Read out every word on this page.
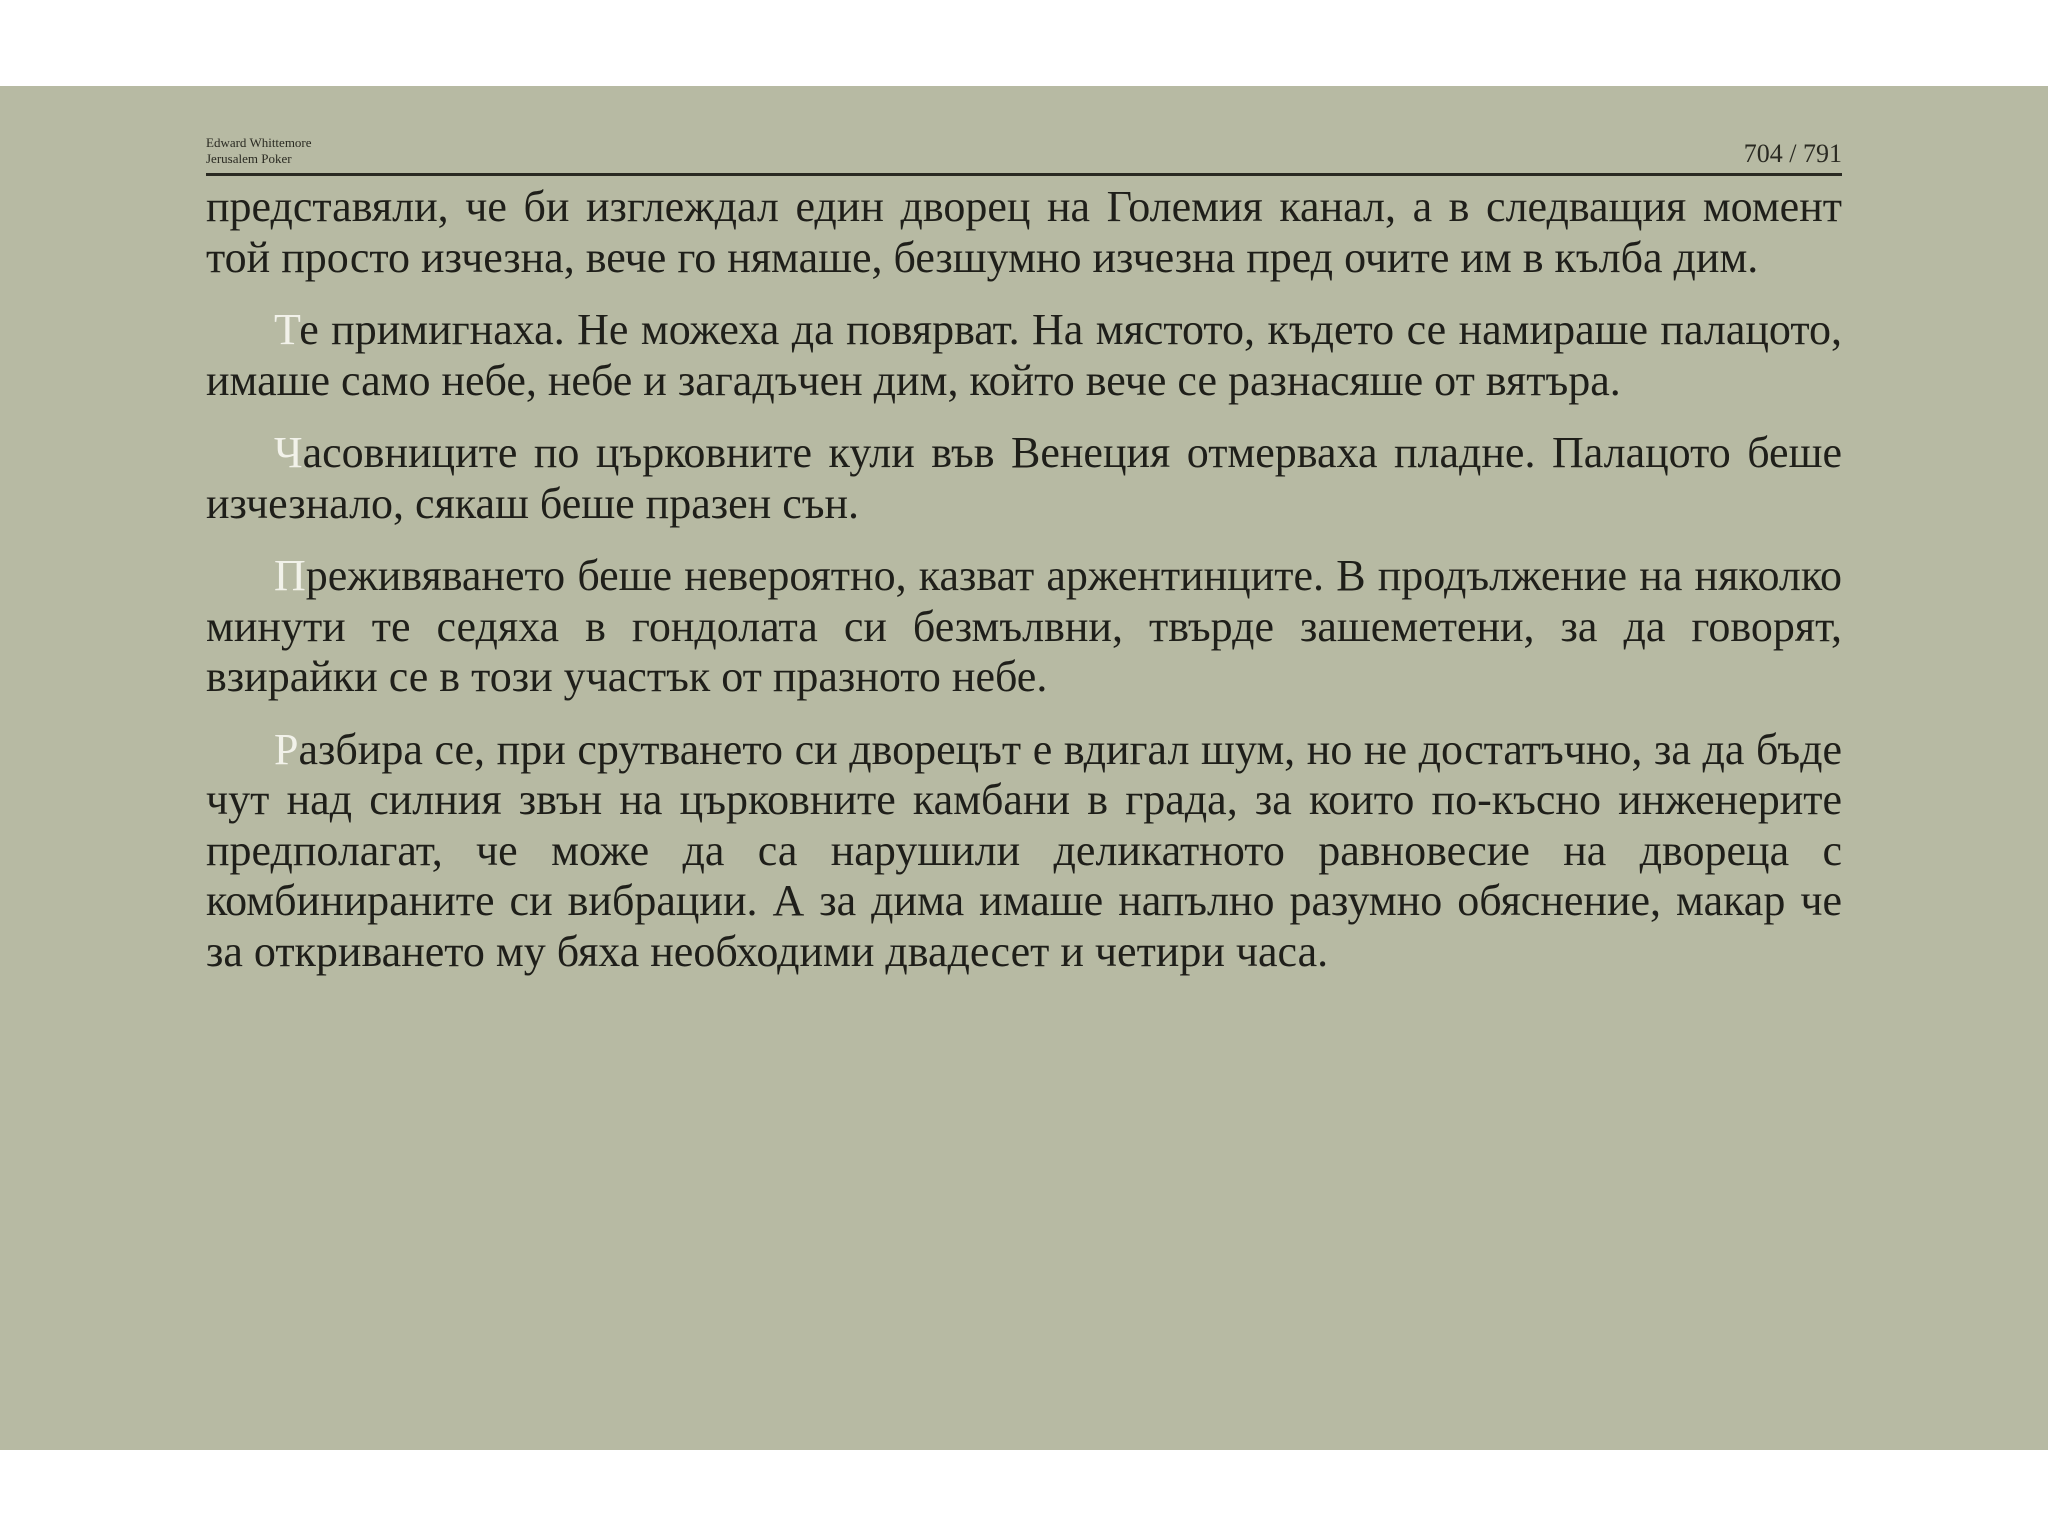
Edward Whittemore
Jerusalem Poker	704 / 791

представяли, че би изглеждал един дворец на Големия канал, а в следващия момент той просто изчезна, вече го нямаше, безшумно изчезна пред очите им в кълба дим.

Те примигнаха. Не можеха да повярват. На мястото, където се намираше палацото, имаше само небе, небе и загадъчен дим, който вече се разнасяше от вятъра.

Часовниците по църковните кули във Венеция отмерваха пладне. Палацото беше изчезнало, сякаш беше празен сън.

Преживяването беше невероятно, казват аржентинците. В продължение на няколко минути те седяха в гондолата си безмълвни, твърде зашеметени, за да говорят, взирайки се в този участък от празното небе.

Разбира се, при срутването си дворецът е вдигал шум, но не достатъчно, за да бъде чут над силния звън на църковните камбани в града, за които по-късно инженерите предполагат, че може да са нарушили деликатното равновесие на двореца с комбинираните си вибрации. А за дима имаше напълно разумно обяснение, макар че за откриването му бяха необходими двадесет и четири часа.
